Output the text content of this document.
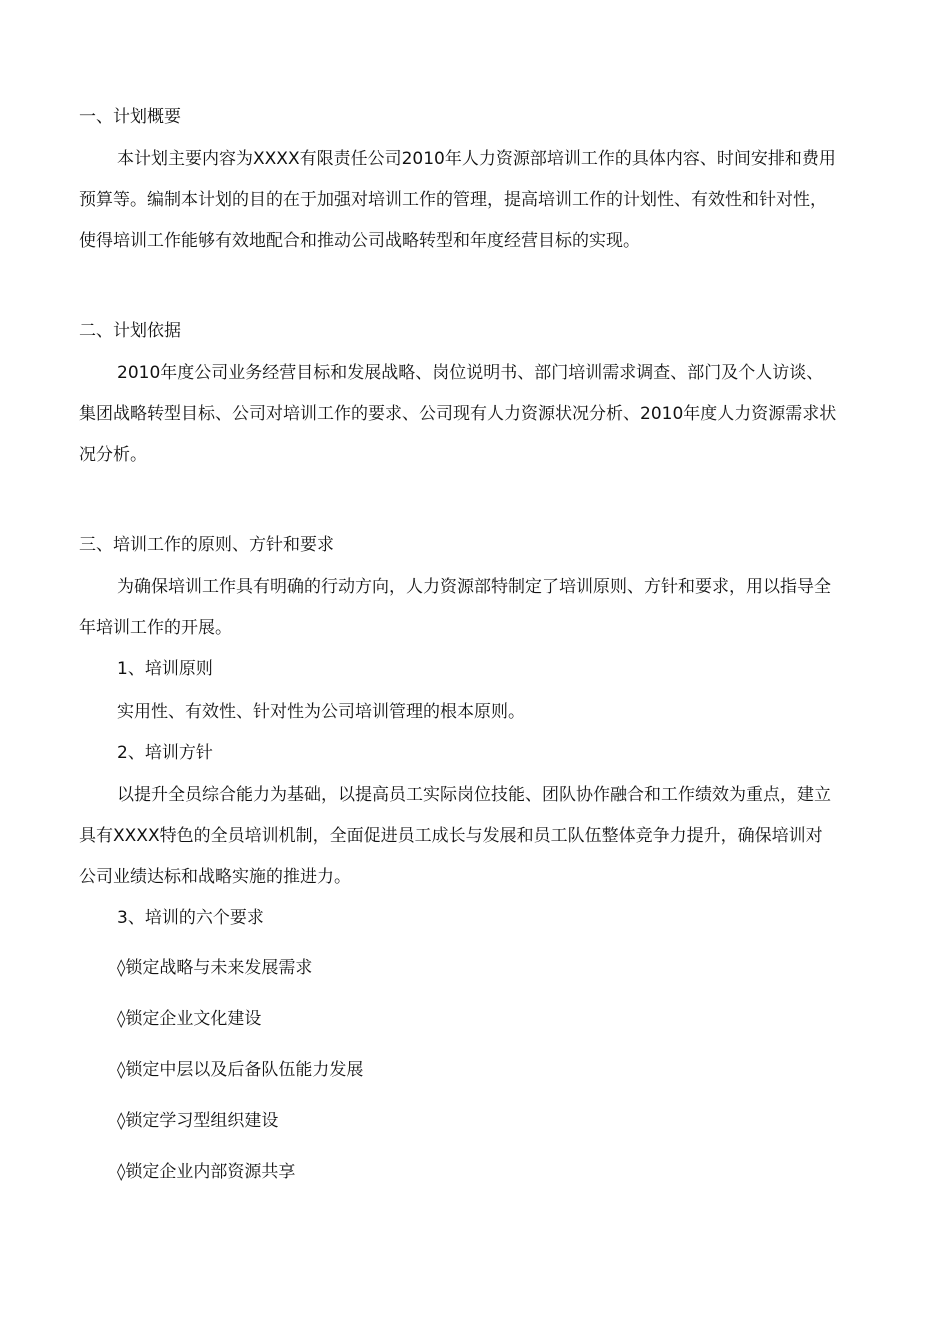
一、计划概要
本计划主要内容为XXXX有限责任公司2010年人力资源部培训工作的具体内容、时间安排和费用
预算等。编制本计划的目的在于加强对培训工作的管理，提高培训工作的计划性、有效性和针对性，
使得培训工作能够有效地配合和推动公司战略转型和年度经营目标的实现。
二、计划依据
2010年度公司业务经营目标和发展战略、岗位说明书、部门培训需求调查、部门及个人访谈、
集团战略转型目标、公司对培训工作的要求、公司现有人力资源状况分析、2010年度人力资源需求状
况分析。
三、培训工作的原则、方针和要求
为确保培训工作具有明确的行动方向，人力资源部特制定了培训原则、方针和要求，用以指导全
年培训工作的开展。
1、培训原则
实用性、有效性、针对性为公司培训管理的根本原则。
2、培训方针
以提升全员综合能力为基础，以提高员工实际岗位技能、团队协作融合和工作绩效为重点，建立
具有XXXX特色的全员培训机制，全面促进员工成长与发展和员工队伍整体竞争力提升，确保培训对
公司业绩达标和战略实施的推进力。
3、培训的六个要求
◊锁定战略与未来发展需求
◊锁定企业文化建设
◊锁定中层以及后备队伍能力发展
◊锁定学习型组织建设
◊锁定企业内部资源共享
